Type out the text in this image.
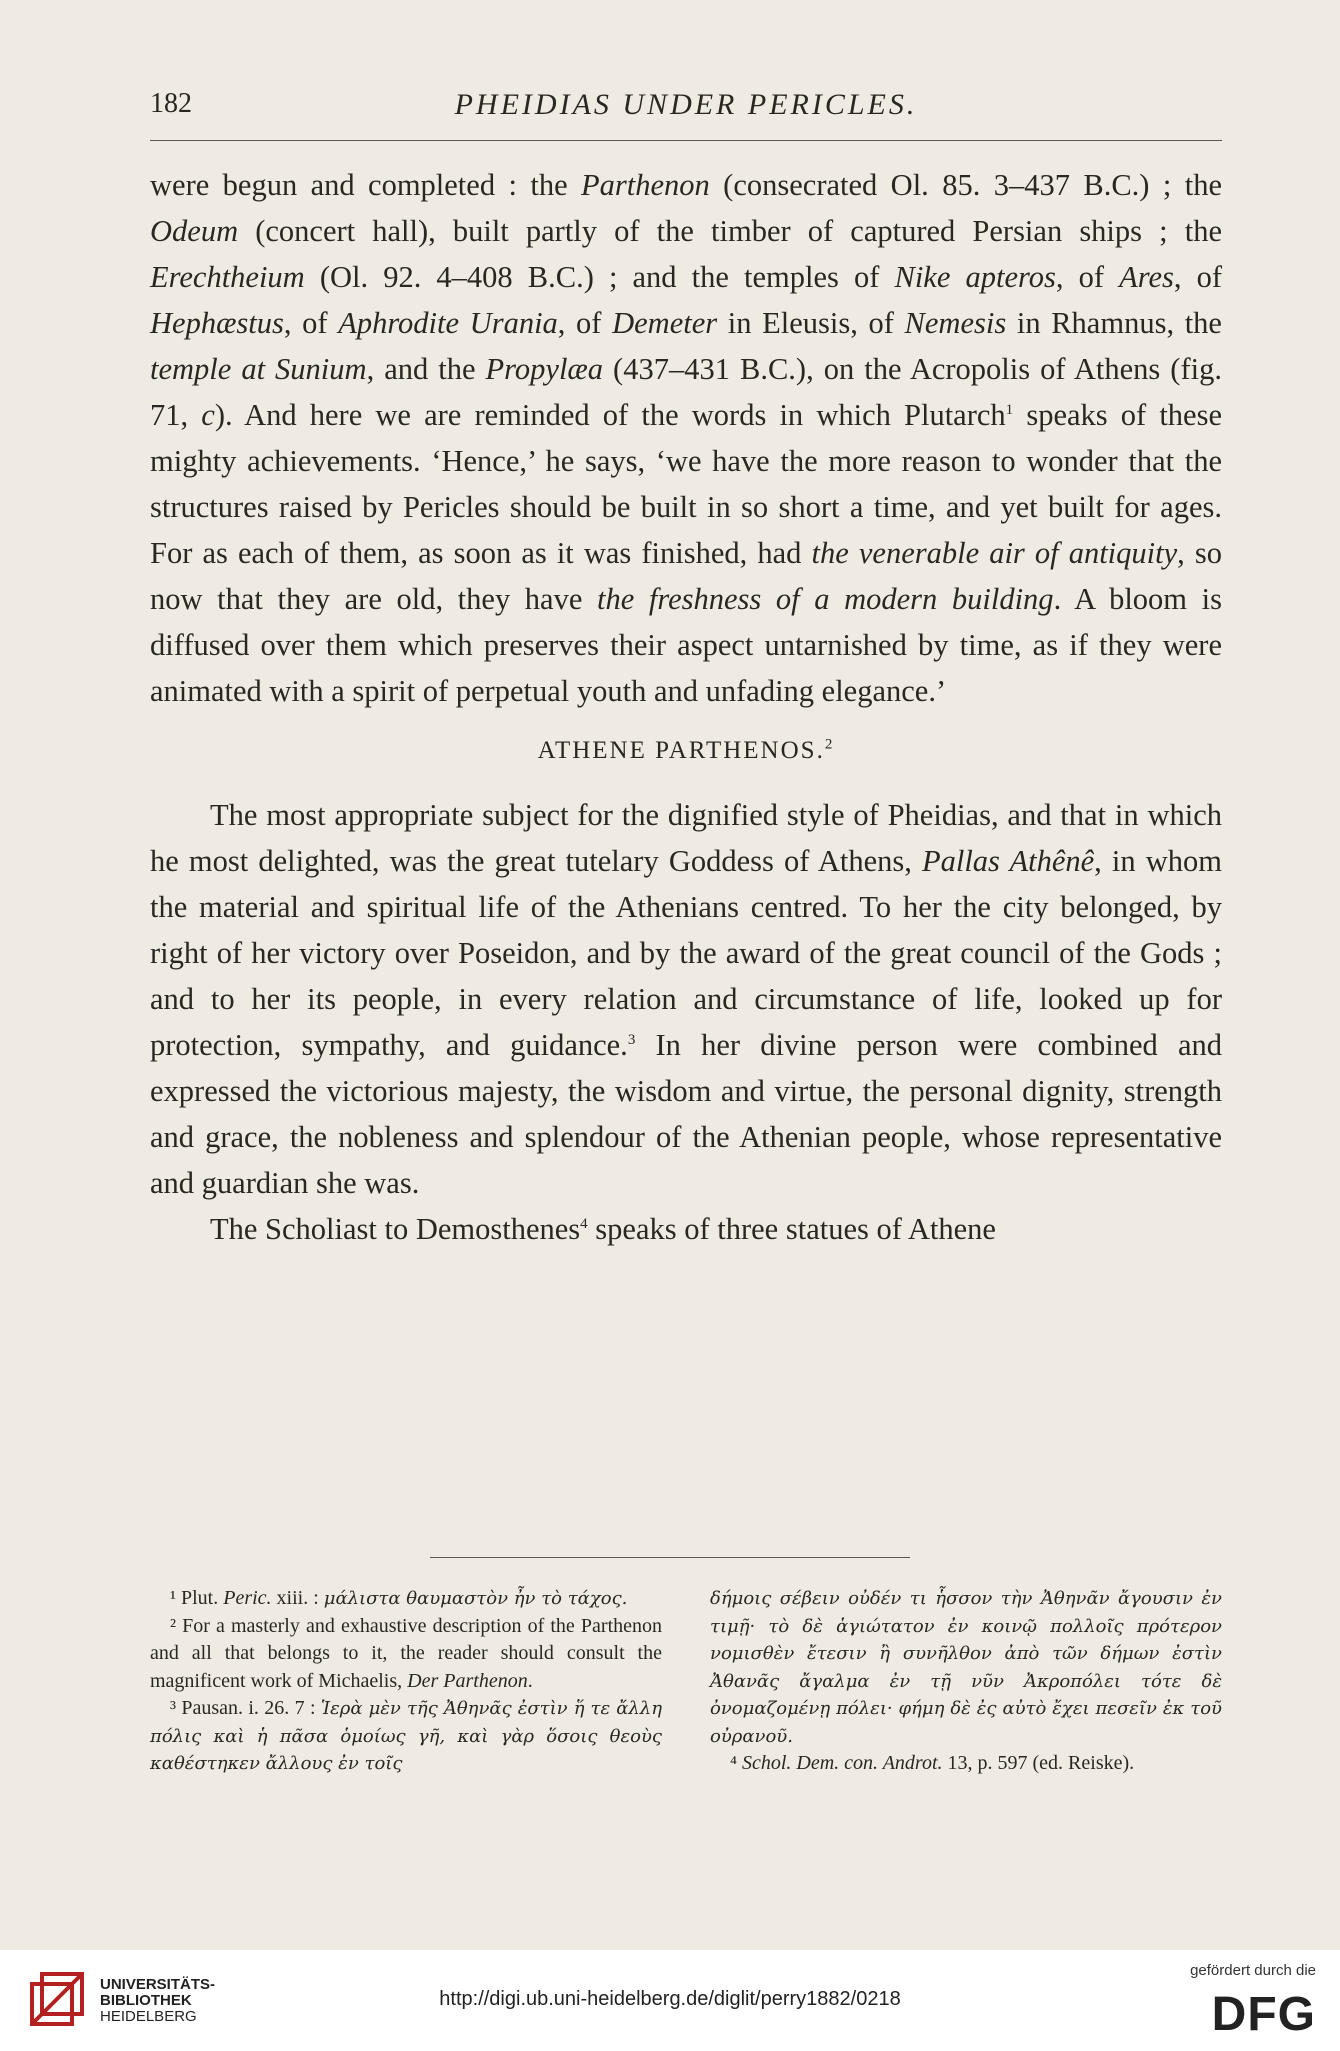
182	PHEIDIAS UNDER PERICLES.

were begun and completed : the Parthenon (consecrated Ol. 85. 3–437 B.C.) ; the Odeum (concert hall), built partly of the timber of captured Persian ships ; the Erechtheium (Ol. 92. 4–408 B.C.) ; and the temples of Nike apteros, of Ares, of Hephæstus, of Aphrodite Urania, of Demeter in Eleusis, of Nemesis in Rhamnus, the temple at Sunium, and the Propylæa (437–431 B.C.), on the Acropolis of Athens (fig. 71, c). And here we are reminded of the words in which Plutarch$^1$ speaks of these mighty achievements. ‘Hence,’ he says, ‘we have the more reason to wonder that the structures raised by Pericles should be built in so short a time, and yet built for ages. For as each of them, as soon as it was finished, had the venerable air of antiquity, so now that they are old, they have the freshness of a modern building. A bloom is diffused over them which preserves their aspect untarnished by time, as if they were animated with a spirit of perpetual youth and unfading elegance.’

ATHENE PARTHENOS.$^2$

The most appropriate subject for the dignified style of Pheidias, and that in which he most delighted, was the great tutelary Goddess of Athens, Pallas Athênê, in whom the material and spiritual life of the Athenians centred. To her the city belonged, by right of her victory over Poseidon, and by the award of the great council of the Gods ; and to her its people, in every relation and circumstance of life, looked up for protection, sympathy, and guidance.$^3$ In her divine person were combined and expressed the victorious majesty, the wisdom and virtue, the personal dignity, strength and grace, the nobleness and splendour of the Athenian people, whose representative and guardian she was.

The Scholiast to Demosthenes$^4$ speaks of three statues of Athene

¹ Plut. Peric. xiii. : μάλιστα θαυμαστὸν ἦν τὸ τάχος.

² For a masterly and exhaustive description of the Parthenon and all that belongs to it, the reader should consult the magnificent work of Michaelis, Der Parthenon.

³ Pausan. i. 26. 7 : Ἱερὰ μὲν τῆς Ἀθηνᾶς ἐστὶν ἥ τε ἄλλη πόλις καὶ ἡ πᾶσα ὁμοίως γῆ, καὶ γὰρ ὅσοις θεοὺς καθέστηκεν ἄλλους ἐν τοῖς

δήμοις σέβειν οὐδέν τι ἧσσον τὴν Ἀθηνᾶν ἄγουσιν ἐν τιμῇ· τὸ δὲ ἁγιώτατον ἐν κοινῷ πολλοῖς πρότερον νομισθὲν ἔτεσιν ἢ συνῆλθον ἀπὸ τῶν δήμων ἐστὶν Ἀθανᾶς ἄγαλμα ἐν τῇ νῦν Ἀκροπόλει τότε δὲ ὀνομαζομένῃ πόλει· φήμη δὲ ἐς αὐτὸ ἔχει πεσεῖν ἐκ τοῦ οὐρανοῦ.

⁴ Schol. Dem. con. Androt. 13, p. 597 (ed. Reiske).

UNIVERSITÄTS-
BIBLIOTHEK
HEIDELBERG
http://digi.ub.uni-heidelberg.de/diglit/perry1882/0218
gefördert durch die
DFG
